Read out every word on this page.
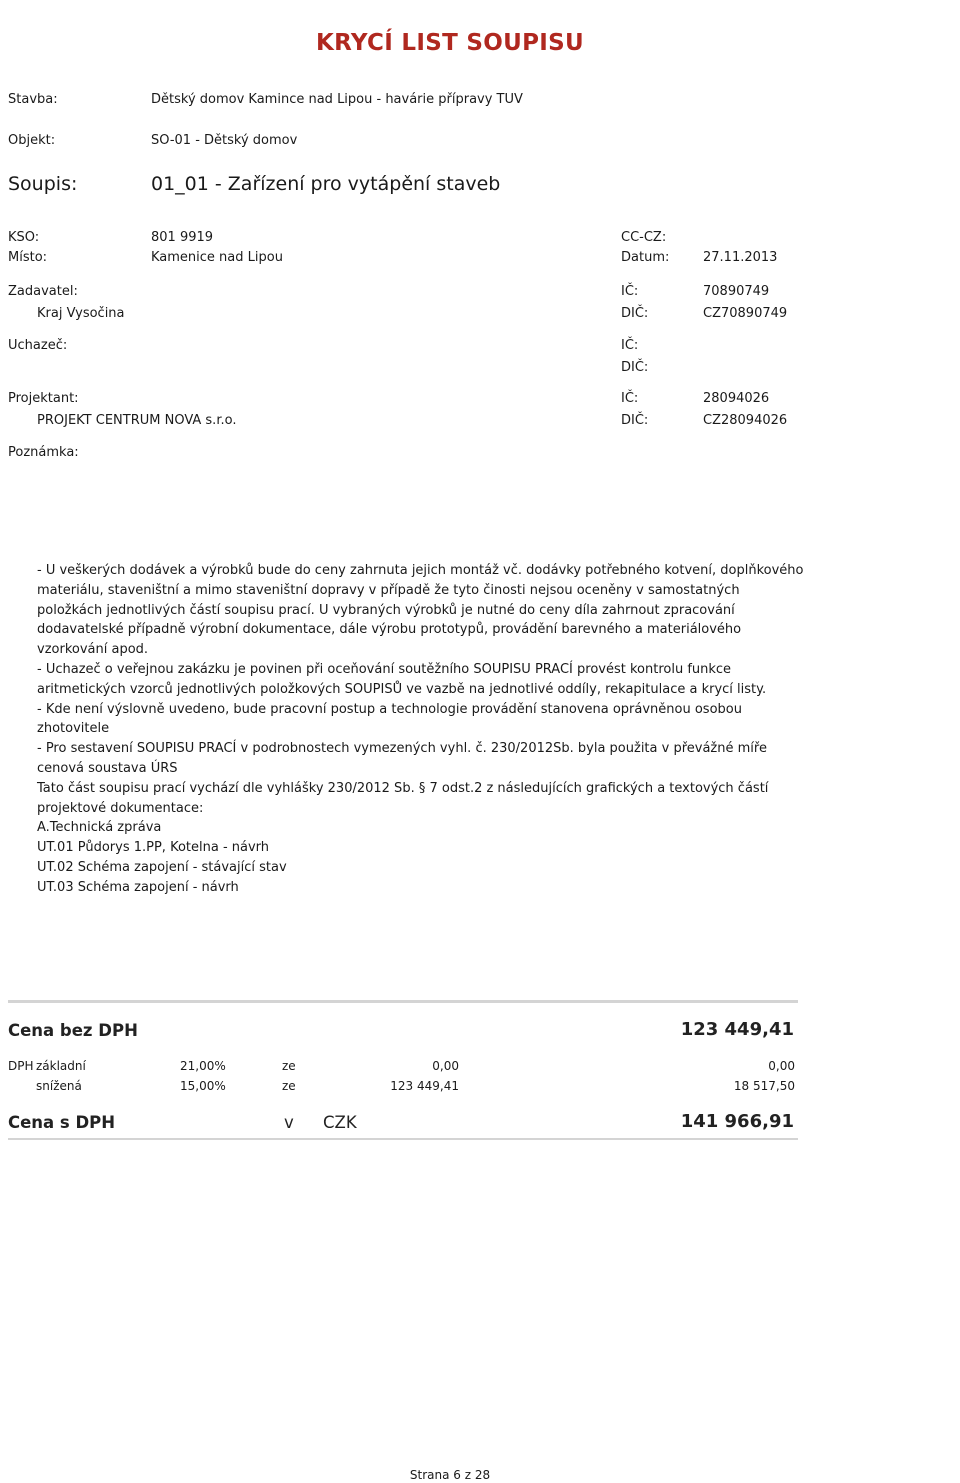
KRYCÍ LIST SOUPISU
Stavba:	Dětský domov Kamince nad Lipou - havárie přípravy TUV
Objekt:	SO-01 - Dětský domov
Soupis:	01_01 - Zařízení pro vytápění staveb
KSO:	801 9919	CC-CZ:
Místo:	Kamenice nad Lipou	Datum:	27.11.2013
Zadavatel:
Kraj Vysočina
IČ:	70890749
DIČ:	CZ70890749
Uchazeč:	IČ:
DIČ:
Projektant:
PROJEKT CENTRUM NOVA s.r.o.
IČ:	28094026
DIČ:	CZ28094026
Poznámka:
- U veškerých dodávek a výrobků bude do ceny zahrnuta jejich montáž vč. dodávky potřebného kotvení, doplňkového
materiálu, staveništní a mimo staveništní dopravy v případě že tyto činosti nejsou oceněny v samostatných
položkách jednotlivých částí soupisu prací. U vybraných výrobků je nutné do ceny díla zahrnout zpracování
dodavatelské případně výrobní dokumentace, dále výrobu prototypů, provádění barevného a materiálového
vzorkování apod.
- Uchazeč o veřejnou zakázku je povinen při oceňování soutěžního SOUPISU PRACÍ provést kontrolu funkce
aritmetických vzorců jednotlivých položkových SOUPISŮ ve vazbě na jednotlivé oddíly, rekapitulace a krycí listy.
- Kde není výslovně uvedeno, bude pracovní postup a technologie provádění stanovena oprávněnou osobou
zhotovitele
- Pro sestavení SOUPISU PRACÍ v podrobnostech vymezených vyhl. č. 230/2012Sb. byla použita v převážné míře
cenová soustava ÚRS
Tato část soupisu prací vychází dle vyhlášky 230/2012 Sb. § 7 odst.2 z následujících grafických a textových částí
projektové dokumentace:
A.Technická zpráva
UT.01 Půdorys 1.PP, Kotelna - návrh
UT.02 Schéma zapojení - stávající stav
UT.03 Schéma zapojení - návrh
Cena bez DPH	123 449,41
DPH základní	21,00%	ze	0,00	0,00
snížená	15,00%	ze	123 449,41	18 517,50
Cena s DPH	v CZK	141 966,91
Strana 6 z 28
